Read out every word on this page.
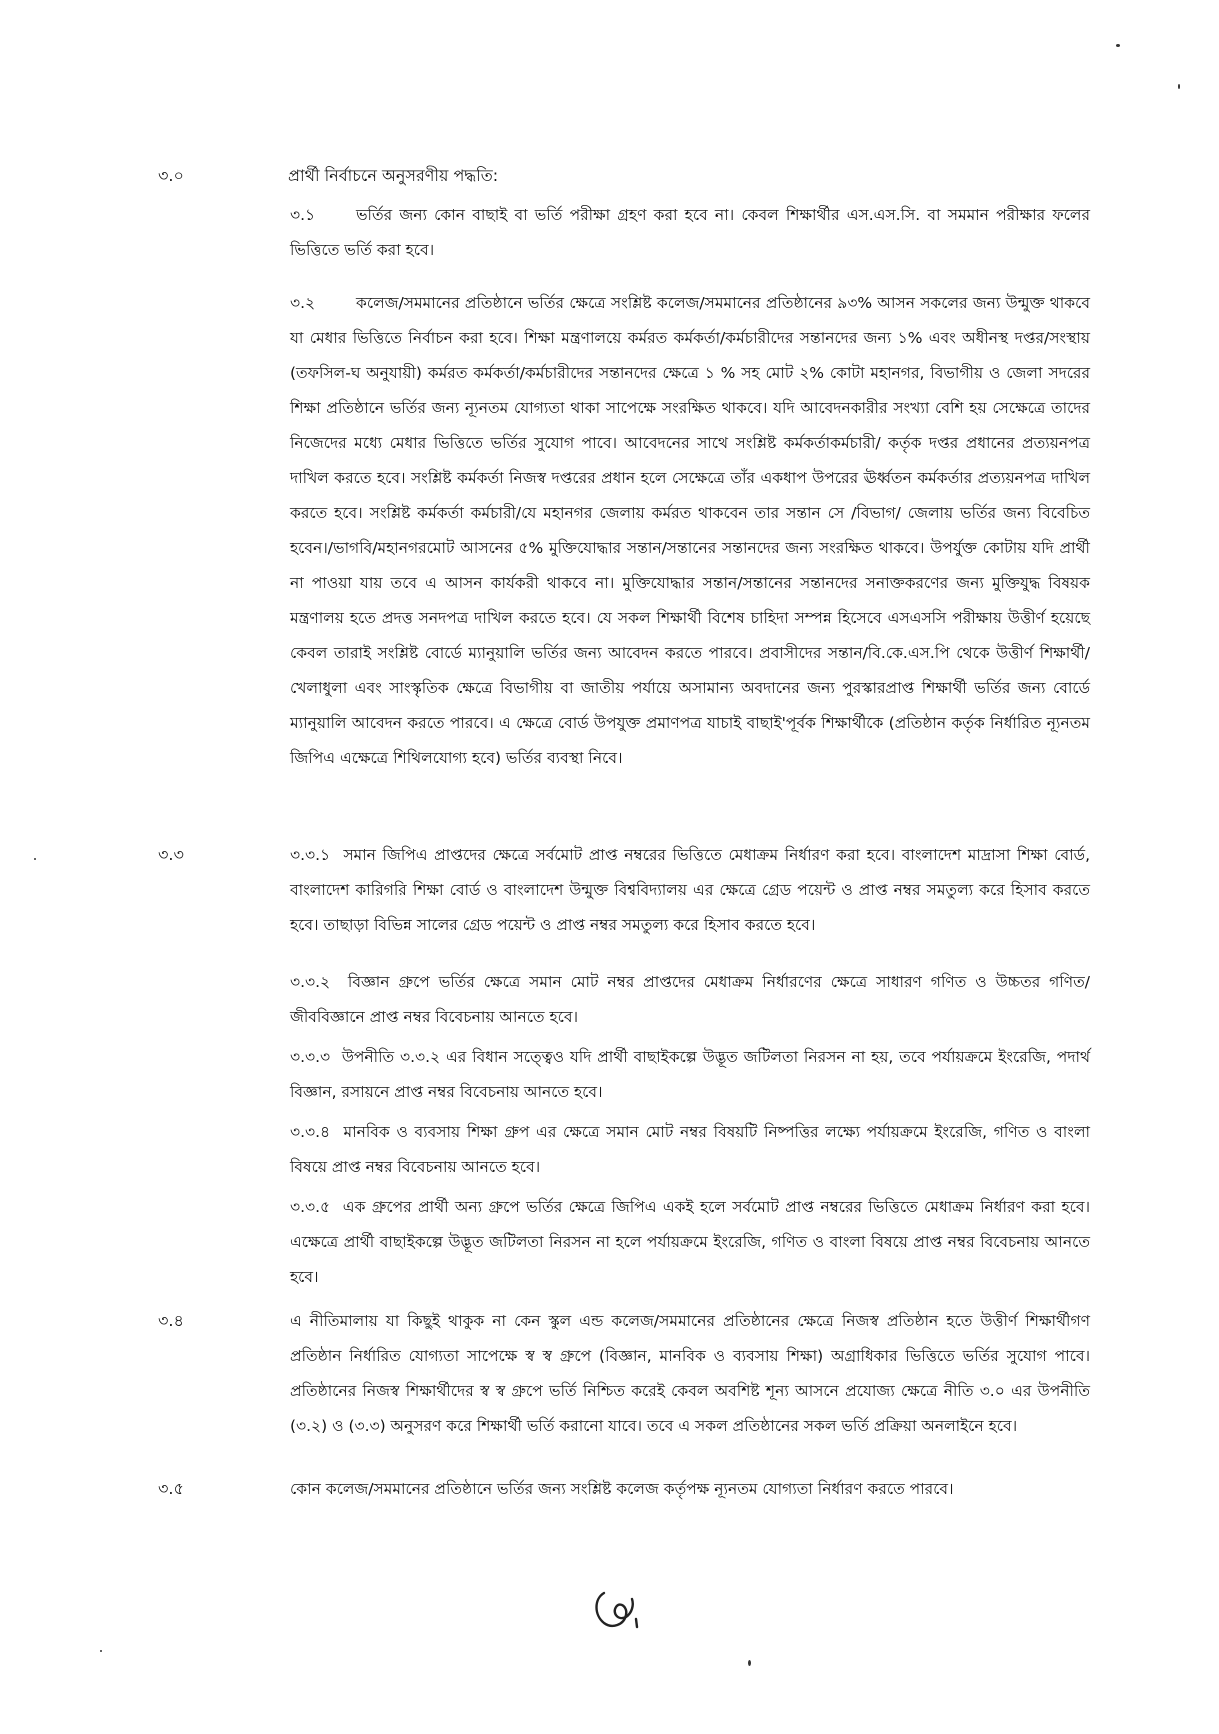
৩.০	প্রার্থী নির্বাচনে অনুসরণীয় পদ্ধতি:
৩.১	ভর্তির জন্য কোন বাছাই বা ভর্তি পরীক্ষা গ্রহণ করা হবে না। কেবল শিক্ষার্থীর এস.এস.সি. বা সমমান পরীক্ষার ফলের ভিত্তিতে ভর্তি করা হবে।
৩.২	কলেজ/সমমানের প্রতিষ্ঠানে ভর্তির ক্ষেত্রে সংশ্লিষ্ট কলেজ/সমমানের প্রতিষ্ঠানের ৯৩% আসন সকলের জন্য উন্মুক্ত থাকবে যা মেধার ভিত্তিতে নির্বাচন করা হবে। শিক্ষা মন্ত্রণালয়ে কর্মরত কর্মকর্তা/কর্মচারীদের সন্তানদের জন্য ১% এবং অধীনস্থ দপ্তর/সংস্থায় (তফসিল-ঘ অনুযায়ী) কর্মরত কর্মকর্তা/কর্মচারীদের সন্তানদের ক্ষেত্রে ১ % সহ মোট ২% কোটা মহানগর, বিভাগীয় ও জেলা সদরের শিক্ষা প্রতিষ্ঠানে ভর্তির জন্য ন্যূনতম যোগ্যতা থাকা সাপেক্ষে সংরক্ষিত থাকবে। যদি আবেদনকারীর সংখ্যা বেশি হয় সেক্ষেত্রে তাদের নিজেদের মধ্যে মেধার ভিত্তিতে ভর্তির সুযোগ পাবে। আবেদনের সাথে সংশ্লিষ্ট কর্মকর্তাকর্মচারী/ কর্তৃক দপ্তর প্রধানের প্রত্যয়নপত্র দাখিল করতে হবে। সংশ্লিষ্ট কর্মকর্তা নিজস্ব দপ্তরের প্রধান হলে সেক্ষেত্রে তাঁর একধাপ উপরের ঊর্ধ্বতন কর্মকর্তার প্রত্যয়নপত্র দাখিল করতে হবে। সংশ্লিষ্ট কর্মকর্তা কর্মচারী/যে মহানগর জেলায় কর্মরত থাকবেন তার সন্তান সে /বিভাগ/ জেলায় ভর্তির জন্য বিবেচিত হবেন।/ভাগবি/মহানগরমোট আসনের ৫% মুক্তিযোদ্ধার সন্তান/সন্তানের সন্তানদের জন্য সংরক্ষিত থাকবে। উপর্যুক্ত কোটায় যদি প্রার্থী না পাওয়া যায় তবে এ আসন কার্যকরী থাকবে না। মুক্তিযোদ্ধার সন্তান/সন্তানের সন্তানদের সনাক্তকরণের জন্য মুক্তিযুদ্ধ বিষয়ক মন্ত্রণালয় হতে প্রদত্ত সনদপত্র দাখিল করতে হবে। যে সকল শিক্ষার্থী বিশেষ চাহিদা সম্পন্ন হিসেবে এসএসসি পরীক্ষায় উত্তীর্ণ হয়েছে কেবল তারাই সংশ্লিষ্ট বোর্ডে ম্যানুয়ালি ভর্তির জন্য আবেদন করতে পারবে। প্রবাসীদের সন্তান/বি.কে.এস.পি থেকে উত্তীর্ণ শিক্ষার্থী/খেলাধুলা এবং সাংস্কৃতিক ক্ষেত্রে বিভাগীয় বা জাতীয় পর্যায়ে অসামান্য অবদানের জন্য পুরস্কারপ্রাপ্ত শিক্ষার্থী ভর্তির জন্য বোর্ডে ম্যানুয়ালি আবেদন করতে পারবে। এ ক্ষেত্রে বোর্ড উপযুক্ত প্রমাণপত্র যাচাই বাছাই'পূর্বক শিক্ষার্থীকে (প্রতিষ্ঠান কর্তৃক নির্ধারিত ন্যূনতম জিপিএ এক্ষেত্রে শিথিলযোগ্য হবে) ভর্তির ব্যবস্থা নিবে।
৩.৩	৩.৩.১ সমান জিপিএ প্রাপ্তদের ক্ষেত্রে সর্বমোট প্রাপ্ত নম্বরের ভিত্তিতে মেধাক্রম নির্ধারণ করা হবে। বাংলাদেশ মাদ্রাসা শিক্ষা বোর্ড, বাংলাদেশ কারিগরি শিক্ষা বোর্ড ও বাংলাদেশ উন্মুক্ত বিশ্ববিদ্যালয় এর ক্ষেত্রে গ্রেড পয়েন্ট ও প্রাপ্ত নম্বর সমতুল্য করে হিসাব করতে হবে। তাছাড়া বিভিন্ন সালের গ্রেড পয়েন্ট ও প্রাপ্ত নম্বর সমতুল্য করে হিসাব করতে হবে।
৩.৩.২ বিজ্ঞান গ্রুপে ভর্তির ক্ষেত্রে সমান মোট নম্বর প্রাপ্তদের মেধাক্রম নির্ধারণের ক্ষেত্রে সাধারণ গণিত ও উচ্চতর গণিত/জীববিজ্ঞানে প্রাপ্ত নম্বর বিবেচনায় আনতে হবে।
৩.৩.৩ উপনীতি ৩.৩.২ এর বিধান সত্ত্বেও যদি প্রার্থী বাছাইকল্পে উদ্ভূত জটিলতা নিরসন না হয়, তবে পর্যায়ক্রমে ইংরেজি, পদার্থ বিজ্ঞান, রসায়নে প্রাপ্ত নম্বর বিবেচনায় আনতে হবে।
৩.৩.৪ মানবিক ও ব্যবসায় শিক্ষা গ্রুপ এর ক্ষেত্রে সমান মোট নম্বর বিষয়টি নিষ্পত্তির লক্ষ্যে পর্যায়ক্রমে ইংরেজি, গণিত ও বাংলা বিষয়ে প্রাপ্ত নম্বর বিবেচনায় আনতে হবে।
৩.৩.৫ এক গ্রুপের প্রার্থী অন্য গ্রুপে ভর্তির ক্ষেত্রে জিপিএ একই হলে সর্বমোট প্রাপ্ত নম্বরের ভিত্তিতে মেধাক্রম নির্ধারণ করা হবে। এক্ষেত্রে প্রার্থী বাছাইকল্পে উদ্ভূত জটিলতা নিরসন না হলে পর্যায়ক্রমে ইংরেজি, গণিত ও বাংলা বিষয়ে প্রাপ্ত নম্বর বিবেচনায় আনতে হবে।
৩.৪	এ নীতিমালায় যা কিছুই থাকুক না কেন স্কুল এন্ড কলেজ/সমমানের প্রতিষ্ঠানের ক্ষেত্রে নিজস্ব প্রতিষ্ঠান হতে উত্তীর্ণ শিক্ষার্থীগণ প্রতিষ্ঠান নির্ধারিত যোগ্যতা সাপেক্ষে স্ব স্ব গ্রুপে (বিজ্ঞান, মানবিক ও ব্যবসায় শিক্ষা) অগ্রাধিকার ভিত্তিতে ভর্তির সুযোগ পাবে। প্রতিষ্ঠানের নিজস্ব শিক্ষার্থীদের স্ব স্ব গ্রুপে ভর্তি নিশ্চিত করেই কেবল অবশিষ্ট শূন্য আসনে প্রযোজ্য ক্ষেত্রে নীতি ৩.০ এর উপনীতি (৩.২) ও (৩.৩) অনুসরণ করে শিক্ষার্থী ভর্তি করানো যাবে। তবে এ সকল প্রতিষ্ঠানের সকল ভর্তি প্রক্রিয়া অনলাইনে হবে।
৩.৫	কোন কলেজ/সমমানের প্রতিষ্ঠানে ভর্তির জন্য সংশ্লিষ্ট কলেজ কর্তৃপক্ষ ন্যূনতম যোগ্যতা নির্ধারণ করতে পারবে।
